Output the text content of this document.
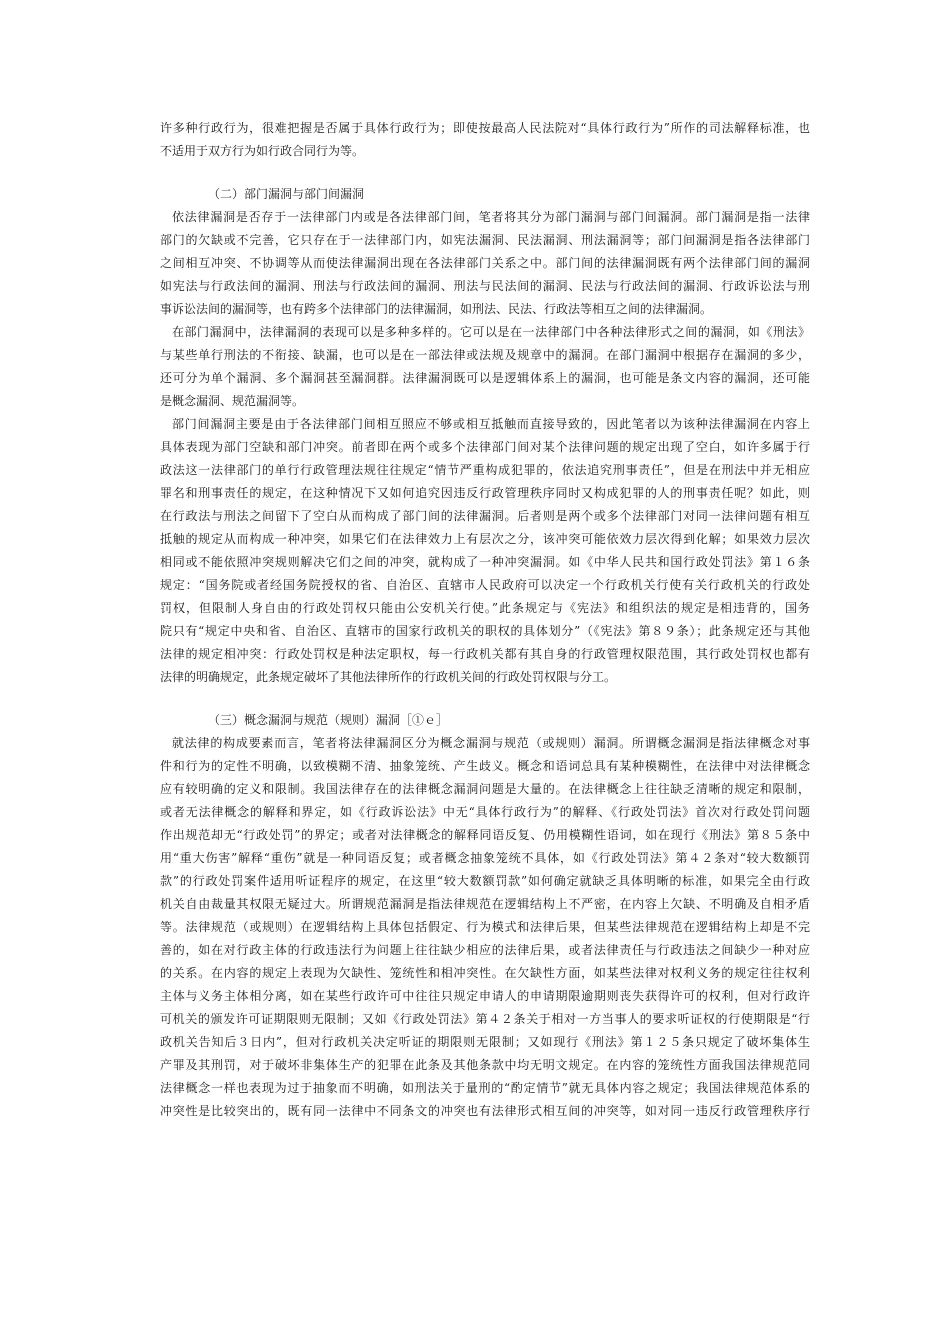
许多种行政行为，很难把握是否属于具体行政行为；即使按最高人民法院对“具体行政行为”所作的司法解释标准，也
不适用于双方行为如行政合同行为等。
（二）部门漏洞与部门间漏洞
依法律漏洞是否存于一法律部门内或是各法律部门间，笔者将其分为部门漏洞与部门间漏洞。部门漏洞是指一法律
部门的欠缺或不完善，它只存在于一法律部门内，如宪法漏洞、民法漏洞、刑法漏洞等；部门间漏洞是指各法律部门
之间相互冲突、不协调等从而使法律漏洞出现在各法律部门关系之中。部门间的法律漏洞既有两个法律部门间的漏洞
如宪法与行政法间的漏洞、刑法与行政法间的漏洞、刑法与民法间的漏洞、民法与行政法间的漏洞、行政诉讼法与刑
事诉讼法间的漏洞等，也有跨多个法律部门的法律漏洞，如刑法、民法、行政法等相互之间的法律漏洞。
在部门漏洞中，法律漏洞的表现可以是多种多样的。它可以是在一法律部门中各种法律形式之间的漏洞，如《刑法》
与某些单行刑法的不衔接、缺漏，也可以是在一部法律或法规及规章中的漏洞。在部门漏洞中根据存在漏洞的多少，
还可分为单个漏洞、多个漏洞甚至漏洞群。法律漏洞既可以是逻辑体系上的漏洞，也可能是条文内容的漏洞，还可能
是概念漏洞、规范漏洞等。
部门间漏洞主要是由于各法律部门间相互照应不够或相互抵触而直接导致的，因此笔者以为该种法律漏洞在内容上
具体表现为部门空缺和部门冲突。前者即在两个或多个法律部门间对某个法律问题的规定出现了空白，如许多属于行
政法这一法律部门的单行行政管理法规往往规定“情节严重构成犯罪的，依法追究刑事责任”，但是在刑法中并无相应
罪名和刑事责任的规定，在这种情况下又如何追究因违反行政管理秩序同时又构成犯罪的人的刑事责任呢？如此，则
在行政法与刑法之间留下了空白从而构成了部门间的法律漏洞。后者则是两个或多个法律部门对同一法律问题有相互
抵触的规定从而构成一种冲突，如果它们在法律效力上有层次之分，该冲突可能依效力层次得到化解；如果效力层次
相同或不能依照冲突规则解决它们之间的冲突，就构成了一种冲突漏洞。如《中华人民共和国行政处罚法》第１６条
规定：“国务院或者经国务院授权的省、自治区、直辖市人民政府可以决定一个行政机关行使有关行政机关的行政处
罚权，但限制人身自由的行政处罚权只能由公安机关行使。”此条规定与《宪法》和组织法的规定是相违背的，国务
院只有“规定中央和省、自治区、直辖市的国家行政机关的职权的具体划分”（《宪法》第８９条）；此条规定还与其他
法律的规定相冲突：行政处罚权是种法定职权，每一行政机关都有其自身的行政管理权限范围，其行政处罚权也都有
法律的明确规定，此条规定破坏了其他法律所作的行政机关间的行政处罚权限与分工。
（三）概念漏洞与规范（规则）漏洞［①ｅ］
就法律的构成要素而言，笔者将法律漏洞区分为概念漏洞与规范（或规则）漏洞。所谓概念漏洞是指法律概念对事
件和行为的定性不明确，以致模糊不清、抽象笼统、产生歧义。概念和语词总具有某种模糊性，在法律中对法律概念
应有较明确的定义和限制。我国法律存在的法律概念漏洞问题是大量的。在法律概念上往往缺乏清晰的规定和限制，
或者无法律概念的解释和界定，如《行政诉讼法》中无“具体行政行为”的解释、《行政处罚法》首次对行政处罚问题
作出规范却无“行政处罚”的界定；或者对法律概念的解释同语反复、仍用模糊性语词，如在现行《刑法》第８５条中
用“重大伤害”解释“重伤”就是一种同语反复；或者概念抽象笼统不具体，如《行政处罚法》第４２条对“较大数额罚
款”的行政处罚案件适用听证程序的规定，在这里“较大数额罚款”如何确定就缺乏具体明晰的标准，如果完全由行政
机关自由裁量其权限无疑过大。所谓规范漏洞是指法律规范在逻辑结构上不严密，在内容上欠缺、不明确及自相矛盾
等。法律规范（或规则）在逻辑结构上具体包括假定、行为模式和法律后果，但某些法律规范在逻辑结构上却是不完
善的，如在对行政主体的行政违法行为问题上往往缺少相应的法律后果，或者法律责任与行政违法之间缺少一种对应
的关系。在内容的规定上表现为欠缺性、笼统性和相冲突性。在欠缺性方面，如某些法律对权利义务的规定往往权利
主体与义务主体相分离，如在某些行政许可中往往只规定申请人的申请期限逾期则丧失获得许可的权利，但对行政许
可机关的颁发许可证期限则无限制；又如《行政处罚法》第４２条关于相对一方当事人的要求听证权的行使期限是“行
政机关告知后３日内”，但对行政机关决定听证的期限则无限制；又如现行《刑法》第１２５条只规定了破坏集体生
产罪及其刑罚，对于破坏非集体生产的犯罪在此条及其他条款中均无明文规定。在内容的笼统性方面我国法律规范同
法律概念一样也表现为过于抽象而不明确，如刑法关于量刑的“酌定情节”就无具体内容之规定；我国法律规范体系的
冲突性是比较突出的，既有同一法律中不同条文的冲突也有法律形式相互间的冲突等，如对同一违反行政管理秩序行
